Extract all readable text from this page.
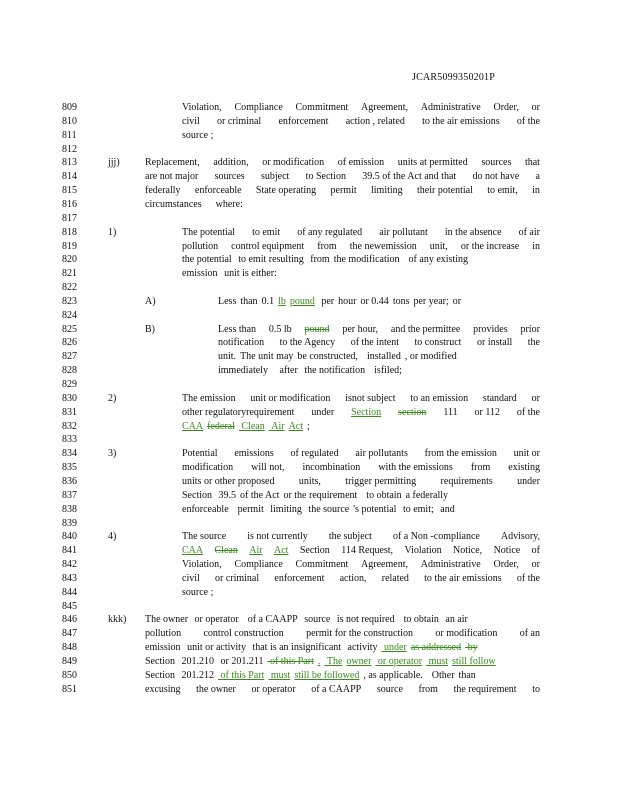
JCAR5099350201P
809	Violation, Compliance Commitment Agreement, Administrative Order, or
810	civil or criminal enforcement action , related to the air emissions of the
811	source ;
812
813	jjj)	Replacement, addition, or modification of emission units at permitted sources that
814	are not major sources subject to Section 39.5 of the Act and that do not have a
815	federally enforceable State operating permit limiting their potential to emit, in
816	circumstances where:
817
818	1)	The potential to emit of any regulated air pollutant in the absence of air
819	pollution control equipment from the newemission unit, or the increase in
820	the potential to emit resulting from the modification of any existing
821	emission unit is either:
822
823	A)	Less than 0.1 lb pound per hour or 0.44 tons per year; or
824
825	B)	Less than 0.5 lb pound per hour, and the permittee provides prior
826	notification to the Agency of the intent to construct or install the
827	unit. The unit may be constructed, installed , or modified
828	immediately after the notification isfiled;
829
830	2)	The emission unit or modification isnot subject to an emission standard or
831	other regulatoryrequirement under Section section 111 or 112 of the
832	CAA federal Clean Air Act ;
833
834	3)	Potential emissions of regulated air pollutants from the emission unit or
835	modification will not, incombination with the emissions from existing
836	units or other proposed units, trigger permitting requirements under
837	Section 39.5 of the Act or the requirement to obtain a federally
838	enforceable permit limiting the source 's potential to emit; and
839
840	4)	The source is not currently the subject of a Non -compliance Advisory,
841	CAA Clean Air Act Section 114 Request, Violation Notice, Notice of
842	Violation, Compliance Commitment Agreement, Administrative Order, or
843	civil or criminal enforcement action, related to the air emissions of the
844	source ;
845
846	kkk) The owner or operator of a CAAPP source is not required to obtain an air
847	pollution control construction permit for the construction or modification of an
848	emission unit or activity that is an insignificant activity under as addressed by
849	Section 201.210 or 201.211 of this Part . The owner or operator must still follow
850	Section 201.212 of this Part must still be followed , as applicable. Other than
851	excusing the owner or operator of a CAAPP source from the requirement to
